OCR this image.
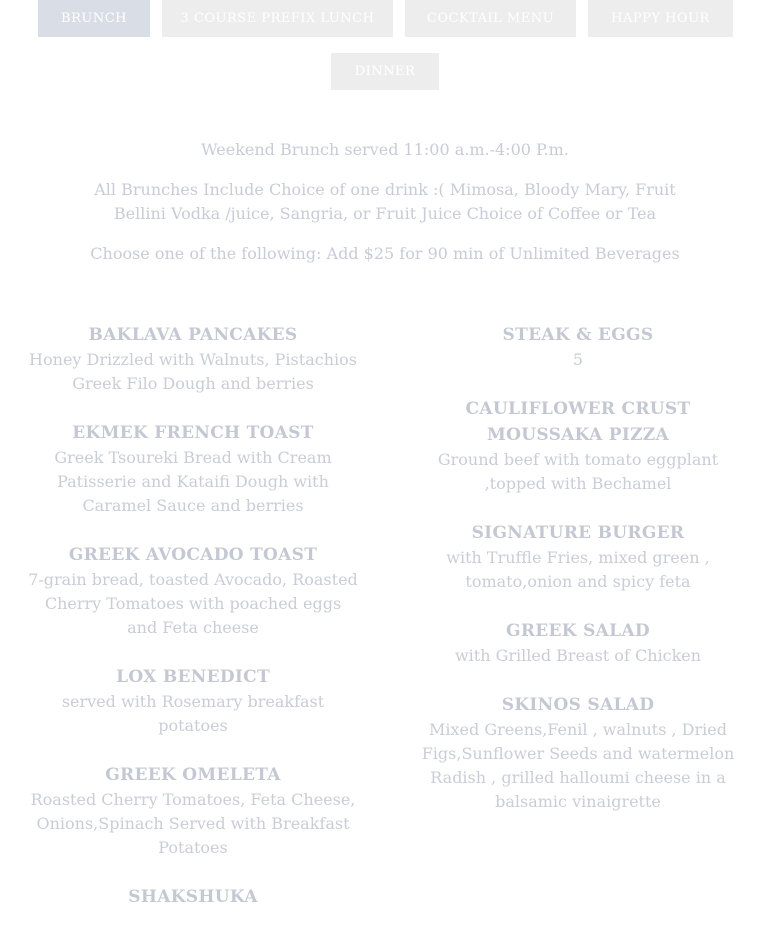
BRUNCH	3 COURSE PREFIX LUNCH	COCKTAIL MENU	HAPPY HOUR
DINNER

Weekend Brunch served 11:00 a.m.-4:00 P.m.

All Brunches Include Choice of one drink :( Mimosa, Bloody Mary, Fruit

Bellini Vodka /juice, Sangria, or Fruit Juice Choice of Coffee or Tea

Choose one of the following: Add $25 for 90 min of Unlimited Beverages

BAKLAVA PANCAKES

Honey Drizzled with Walnuts, Pistachios Greek Filo Dough and berries

EKMEK FRENCH TOAST

Greek Tsoureki Bread with Cream Patisserie and Kataifi Dough with Caramel Sauce and berries

GREEK AVOCADO TOAST

7-grain bread, toasted Avocado, Roasted Cherry Tomatoes with poached eggs and Feta cheese

LOX BENEDICT

served with Rosemary breakfast potatoes

GREEK OMELETA

Roasted Cherry Tomatoes, Feta Cheese, Onions,Spinach Served with Breakfast Potatoes

SHAKSHUKA

STEAK & EGGS

5

CAULIFLOWER CRUST MOUSSAKA PIZZA

Ground beef with tomato eggplant ,topped with Bechamel

SIGNATURE BURGER

with Truffle Fries, mixed green , tomato,onion and spicy feta

GREEK SALAD

with Grilled Breast of Chicken

SKINOS SALAD

Mixed Greens,Fenil , walnuts , Dried Figs,Sunflower Seeds and watermelon Radish , grilled halloumi cheese in a balsamic vinaigrette
